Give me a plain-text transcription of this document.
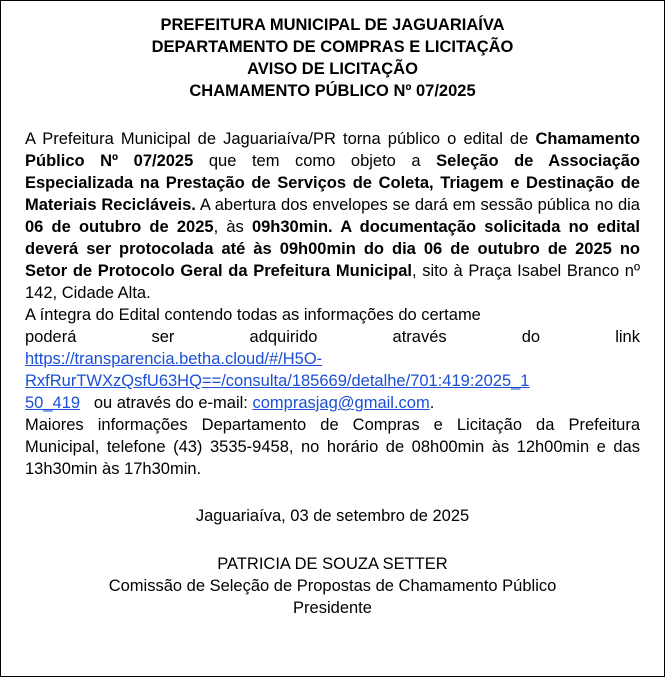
PREFEITURA MUNICIPAL DE JAGUARIAÍVA
DEPARTAMENTO DE COMPRAS E LICITAÇÃO
AVISO DE LICITAÇÃO
CHAMAMENTO PÚBLICO Nº 07/2025

A Prefeitura Municipal de Jaguariaíva/PR torna público o edital de Chamamento Público Nº 07/2025 que tem como objeto a Seleção de Associação Especializada na Prestação de Serviços de Coleta, Triagem e Destinação de Materiais Recicláveis. A abertura dos envelopes se dará em sessão pública no dia 06 de outubro de 2025, às 09h30min. A documentação solicitada no edital deverá ser protocolada até às 09h00min do dia 06 de outubro de 2025 no Setor de Protocolo Geral da Prefeitura Municipal, sito à Praça Isabel Branco nº 142, Cidade Alta.

A íntegra do Edital contendo todas as informações do certame
poderá	ser	adquirido	através	do	link
https://transparencia.betha.cloud/#/H5O-
RxfRurTWXzQsfU63HQ==/consulta/185669/detalhe/701:419:2025_1
50_419   ou através do e-mail: comprasjag@gmail.com.

Maiores informações Departamento de Compras e Licitação da Prefeitura Municipal, telefone (43) 3535-9458, no horário de 08h00min às 12h00min e das 13h30min às 17h30min.

Jaguariaíva, 03 de setembro de 2025
PATRICIA DE SOUZA SETTER
Comissão de Seleção de Propostas de Chamamento Público
Presidente
